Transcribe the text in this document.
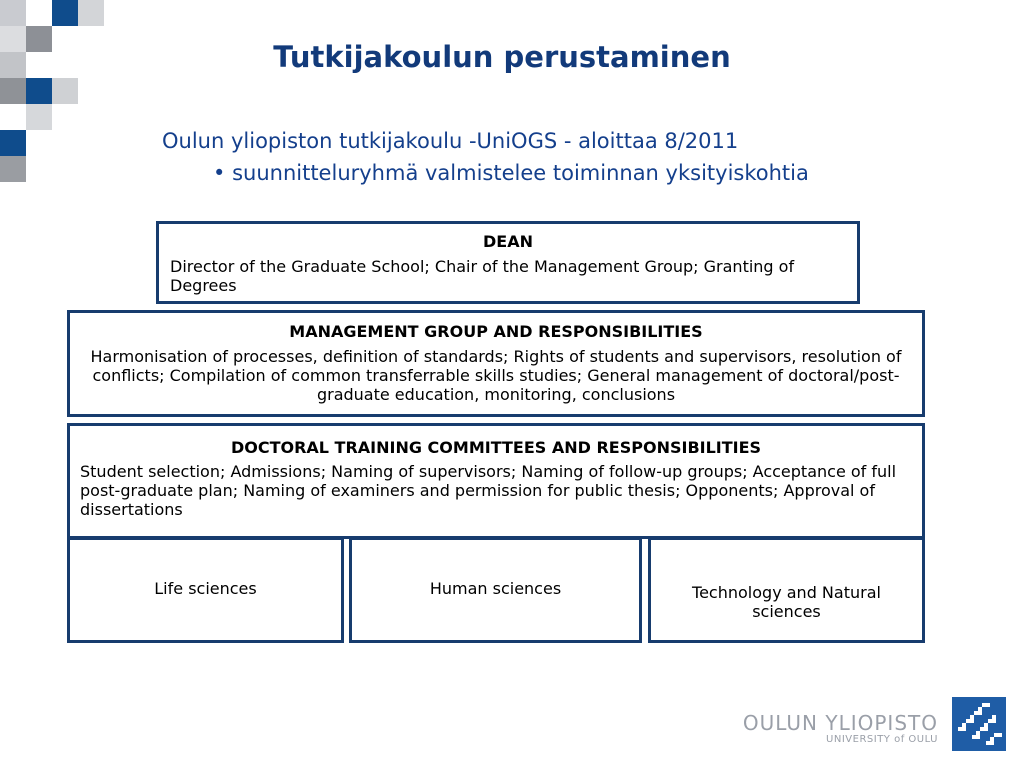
Tutkijakoulun perustaminen
Oulun yliopiston tutkijakoulu -UniOGS - aloittaa 8/2011
• suunnitteluryhmä valmistelee toiminnan yksityiskohtia
DEAN
Director of the Graduate School; Chair of the Management Group; Granting of Degrees
MANAGEMENT GROUP AND RESPONSIBILITIES
Harmonisation of processes, definition of standards; Rights of students and supervisors, resolution of conflicts; Compilation of common transferrable skills studies; General management of doctoral/post-graduate education, monitoring, conclusions
DOCTORAL TRAINING COMMITTEES AND RESPONSIBILITIES
Student selection; Admissions; Naming of supervisors; Naming of follow-up groups; Acceptance of full post-graduate plan; Naming of examiners and permission for public thesis; Opponents; Approval of dissertations
Life sciences	Human sciences	Technology and Natural sciences
OULUN YLIOPISTO
UNIVERSITY of OULU
